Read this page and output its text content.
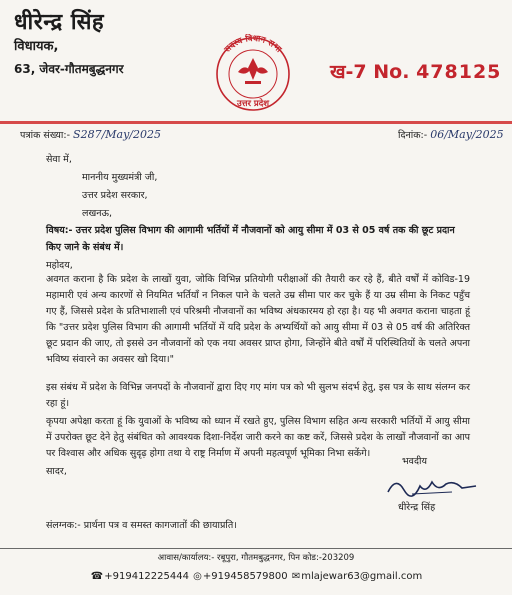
धीरेन्द्र सिंह
विधायक,
63, जेवर-गौतमबुद्धनगर
सदस्य विधान सभा
उत्तर प्रदेश
ख-7 No. 478125
पत्रांक संख्या:- S287/May/2025	दिनांक:- 06/May/2025
सेवा में,
माननीय मुख्यमंत्री जी,
उत्तर प्रदेश सरकार,
लखनऊ,
विषय:- उत्तर प्रदेश पुलिस विभाग की आगामी भर्तियों में नौजवानों को आयु सीमा में 03 से 05 वर्ष तक की छूट प्रदान किए जाने के संबंध में।
महोदय,
अवगत कराना है कि प्रदेश के लाखों युवा, जोकि विभिन्न प्रतियोगी परीक्षाओं की तैयारी कर रहे हैं, बीते वर्षों में कोविड-19 महामारी एवं अन्य कारणों से नियमित भर्तियाँ न निकल पाने के चलते उम्र सीमा पार कर चुके हैं या उम्र सीमा के निकट पहुँच गए हैं, जिससे प्रदेश के प्रतिभाशाली एवं परिश्रमी नौजवानों का भविष्य अंधकारमय हो रहा है। यह भी अवगत कराना चाहता हूं कि "उत्तर प्रदेश पुलिस विभाग की आगामी भर्तियों में यदि प्रदेश के अभ्यर्थियों को आयु सीमा में 03 से 05 वर्ष की अतिरिक्त छूट प्रदान की जाए, तो इससे उन नौजवानों को एक नया अवसर प्राप्त होगा, जिन्होंने बीते वर्षों में परिस्थितियों के चलते अपना भविष्य संवारने का अवसर खो दिया।"
इस संबंध में प्रदेश के विभिन्न जनपदों के नौजवानों द्वारा दिए गए मांग पत्र को भी सुलभ संदर्भ हेतु, इस पत्र के साथ संलग्न कर रहा हूं।
कृपया अपेक्षा करता हूं कि युवाओं के भविष्य को ध्यान में रखते हुए, पुलिस विभाग सहित अन्य सरकारी भर्तियों में आयु सीमा में उपरोक्त छूट देने हेतु संबंधित को आवश्यक दिशा-निर्देश जारी करने का कष्ट करें, जिससे प्रदेश के लाखों नौजवानों का आप पर विश्वास और अधिक सुदृढ़ होगा तथा ये राष्ट्र निर्माण में अपनी महत्वपूर्ण भूमिका निभा सकेंगे।
सादर,
भवदीय
धीरेन्द्र सिंह
संलग्नक:- प्रार्थना पत्र व समस्त कागजातों की छायाप्रति।
आवास/कार्यालय:- रबूपुरा, गौतमबुद्धनगर, पिन कोड:-203209
☎+919412225444 ◎+919458579800 ✉mlajewar63@gmail.com
